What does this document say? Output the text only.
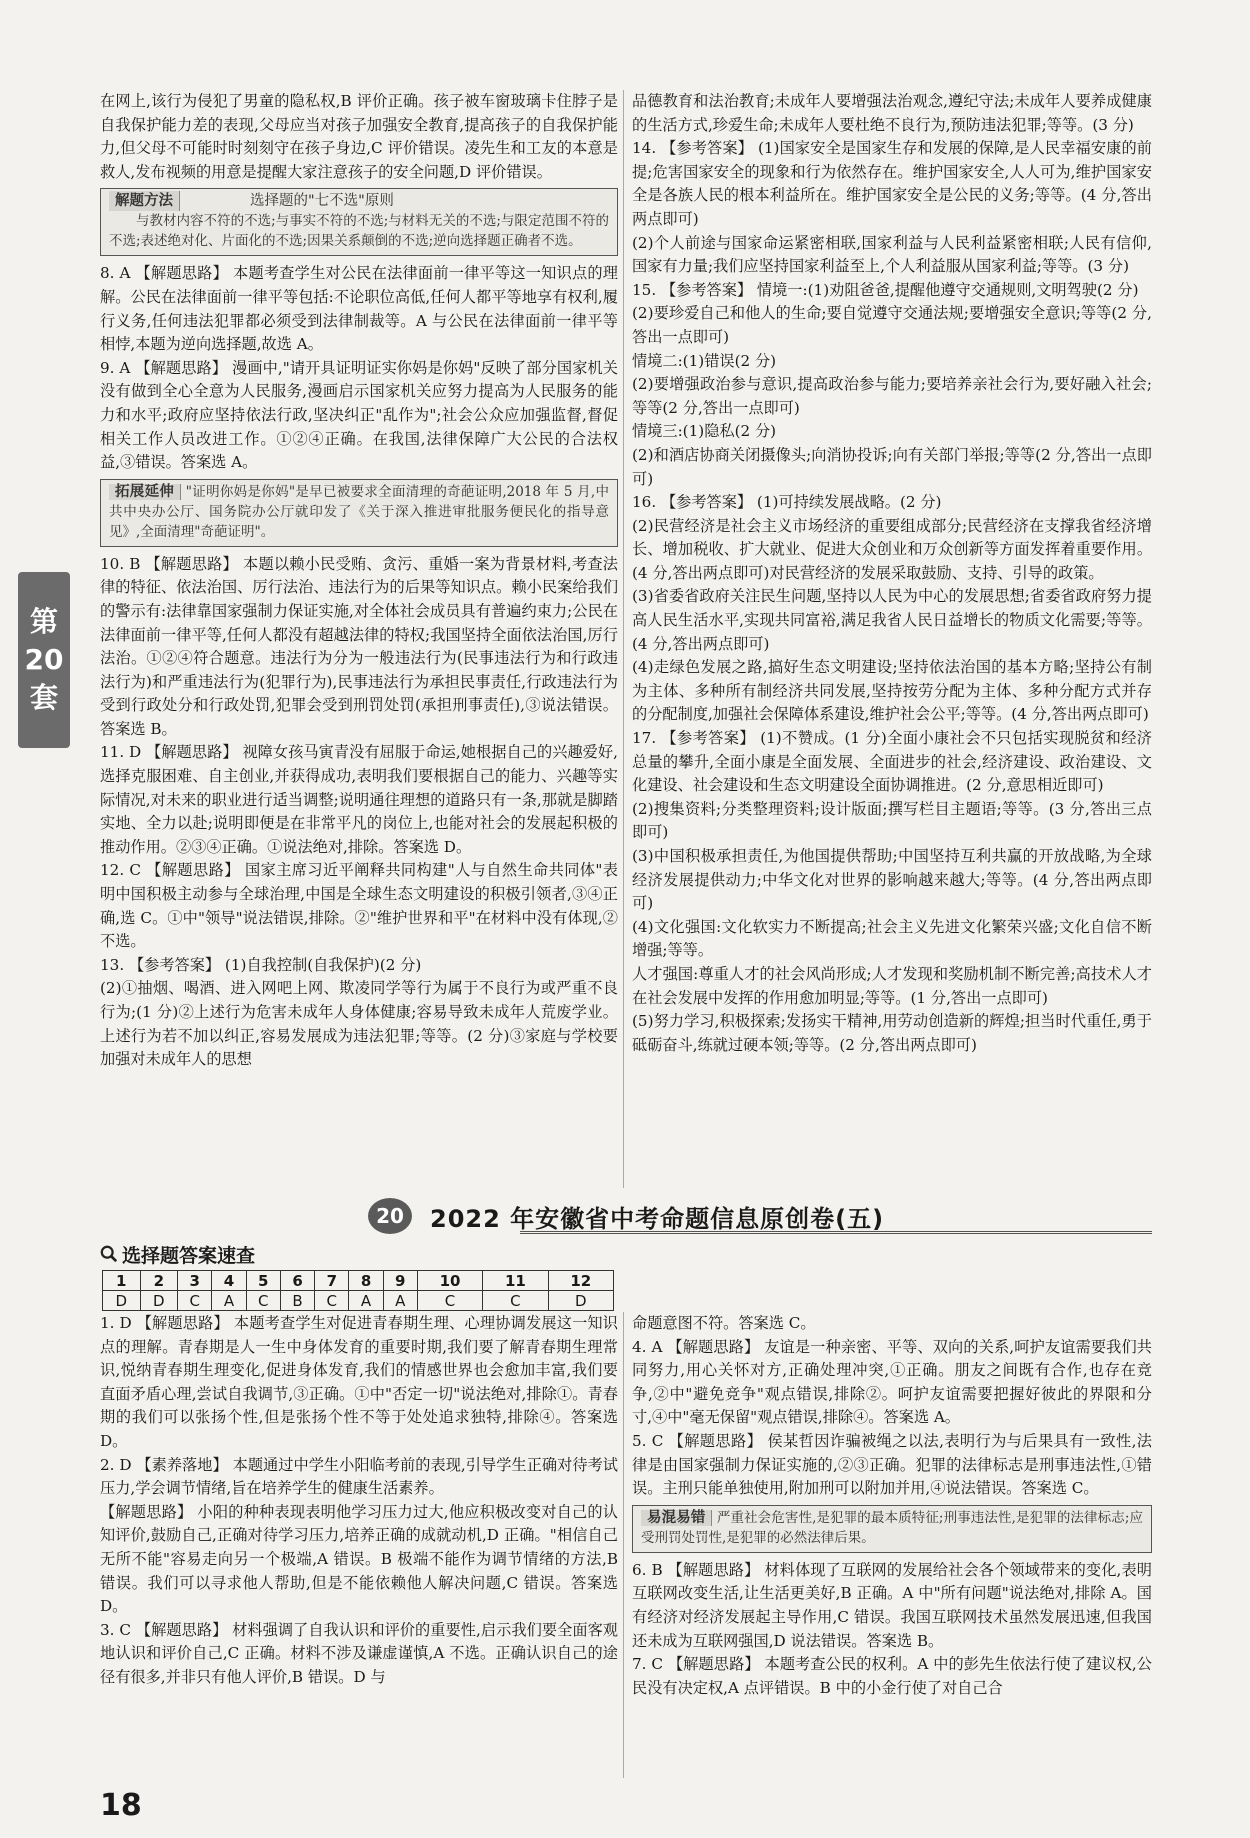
第
20
套

在网上,该行为侵犯了男童的隐私权,B 评价正确。孩子被车窗玻璃卡住脖子是自我保护能力差的表现,父母应当对孩子加强安全教育,提高孩子的自我保护能力,但父母不可能时时刻刻守在孩子身边,C 评价错误。凌先生和工友的本意是救人,发布视频的用意是提醒大家注意孩子的安全问题,D 评价错误。

解题方法	选择题的"七不选"原则
与教材内容不符的不选;与事实不符的不选;与材料无关的不选;与限定范围不符的不选;表述绝对化、片面化的不选;因果关系颠倒的不选;逆向选择题正确者不选。

8. A 【解题思路】 本题考查学生对公民在法律面前一律平等这一知识点的理解。公民在法律面前一律平等包括:不论职位高低,任何人都平等地享有权利,履行义务,任何违法犯罪都必须受到法律制裁等。A 与公民在法律面前一律平等相悖,本题为逆向选择题,故选 A。

9. A 【解题思路】 漫画中,"请开具证明证实你妈是你妈"反映了部分国家机关没有做到全心全意为人民服务,漫画启示国家机关应努力提高为人民服务的能力和水平;政府应坚持依法行政,坚决纠正"乱作为";社会公众应加强监督,督促相关工作人员改进工作。①②④正确。在我国,法律保障广大公民的合法权益,③错误。答案选 A。

拓展延伸 "证明你妈是你妈"是早已被要求全面清理的奇葩证明,2018 年 5 月,中共中央办公厅、国务院办公厅就印发了《关于深入推进审批服务便民化的指导意见》,全面清理"奇葩证明"。

10. B 【解题思路】 本题以赖小民受贿、贪污、重婚一案为背景材料,考查法律的特征、依法治国、厉行法治、违法行为的后果等知识点。赖小民案给我们的警示有:法律靠国家强制力保证实施,对全体社会成员具有普遍约束力;公民在法律面前一律平等,任何人都没有超越法律的特权;我国坚持全面依法治国,厉行法治。①②④符合题意。违法行为分为一般违法行为(民事违法行为和行政违法行为)和严重违法行为(犯罪行为),民事违法行为承担民事责任,行政违法行为受到行政处分和行政处罚,犯罪会受到刑罚处罚(承担刑事责任),③说法错误。答案选 B。

11. D 【解题思路】 视障女孩马寅青没有屈服于命运,她根据自己的兴趣爱好,选择克服困难、自主创业,并获得成功,表明我们要根据自己的能力、兴趣等实际情况,对未来的职业进行适当调整;说明通往理想的道路只有一条,那就是脚踏实地、全力以赴;说明即便是在非常平凡的岗位上,也能对社会的发展起积极的推动作用。②③④正确。①说法绝对,排除。答案选 D。

12. C 【解题思路】 国家主席习近平阐释共同构建"人与自然生命共同体"表明中国积极主动参与全球治理,中国是全球生态文明建设的积极引领者,③④正确,选 C。①中"领导"说法错误,排除。②"维护世界和平"在材料中没有体现,②不选。

13. 【参考答案】 (1)自我控制(自我保护)(2 分)

(2)①抽烟、喝酒、进入网吧上网、欺凌同学等行为属于不良行为或严重不良行为;(1 分)②上述行为危害未成年人身体健康;容易导致未成年人荒废学业。上述行为若不加以纠正,容易发展成为违法犯罪;等等。(2 分)③家庭与学校要加强对未成年人的思想

品德教育和法治教育;未成年人要增强法治观念,遵纪守法;未成年人要养成健康的生活方式,珍爱生命;未成年人要杜绝不良行为,预防违法犯罪;等等。(3 分)

14. 【参考答案】 (1)国家安全是国家生存和发展的保障,是人民幸福安康的前提;危害国家安全的现象和行为依然存在。维护国家安全,人人可为,维护国家安全是各族人民的根本利益所在。维护国家安全是公民的义务;等等。(4 分,答出两点即可)

(2)个人前途与国家命运紧密相联,国家利益与人民利益紧密相联;人民有信仰,国家有力量;我们应坚持国家利益至上,个人利益服从国家利益;等等。(3 分)

15. 【参考答案】 情境一:(1)劝阻爸爸,提醒他遵守交通规则,文明驾驶(2 分)

(2)要珍爱自己和他人的生命;要自觉遵守交通法规;要增强安全意识;等等(2 分,答出一点即可)

情境二:(1)错误(2 分)

(2)要增强政治参与意识,提高政治参与能力;要培养亲社会行为,要好融入社会;等等(2 分,答出一点即可)

情境三:(1)隐私(2 分)

(2)和酒店协商关闭摄像头;向消协投诉;向有关部门举报;等等(2 分,答出一点即可)

16. 【参考答案】 (1)可持续发展战略。(2 分)

(2)民营经济是社会主义市场经济的重要组成部分;民营经济在支撑我省经济增长、增加税收、扩大就业、促进大众创业和万众创新等方面发挥着重要作用。(4 分,答出两点即可)对民营经济的发展采取鼓励、支持、引导的政策。

(3)省委省政府关注民生问题,坚持以人民为中心的发展思想;省委省政府努力提高人民生活水平,实现共同富裕,满足我省人民日益增长的物质文化需要;等等。(4 分,答出两点即可)

(4)走绿色发展之路,搞好生态文明建设;坚持依法治国的基本方略;坚持公有制为主体、多种所有制经济共同发展,坚持按劳分配为主体、多种分配方式并存的分配制度,加强社会保障体系建设,维护社会公平;等等。(4 分,答出两点即可)

17. 【参考答案】 (1)不赞成。(1 分)全面小康社会不只包括实现脱贫和经济总量的攀升,全面小康是全面发展、全面进步的社会,经济建设、政治建设、文化建设、社会建设和生态文明建设全面协调推进。(2 分,意思相近即可)

(2)搜集资料;分类整理资料;设计版面;撰写栏目主题语;等等。(3 分,答出三点即可)

(3)中国积极承担责任,为他国提供帮助;中国坚持互利共赢的开放战略,为全球经济发展提供动力;中华文化对世界的影响越来越大;等等。(4 分,答出两点即可)

(4)文化强国:文化软实力不断提高;社会主义先进文化繁荣兴盛;文化自信不断增强;等等。

人才强国:尊重人才的社会风尚形成;人才发现和奖励机制不断完善;高技术人才在社会发展中发挥的作用愈加明显;等等。(1 分,答出一点即可)

(5)努力学习,积极探索;发扬实干精神,用劳动创造新的辉煌;担当时代重任,勇于砥砺奋斗,练就过硬本领;等等。(2 分,答出两点即可)

20	2022 年安徽省中考命题信息原创卷(五)
选择题答案速查
1	2	3	4	5	6	7	8	9	10	11	12
D	D	C	A	C	B	C	A	A	C	C	D

1. D 【解题思路】 本题考查学生对促进青春期生理、心理协调发展这一知识点的理解。青春期是人一生中身体发育的重要时期,我们要了解青春期生理常识,悦纳青春期生理变化,促进身体发育,我们的情感世界也会愈加丰富,我们要直面矛盾心理,尝试自我调节,③正确。①中"否定一切"说法绝对,排除①。青春期的我们可以张扬个性,但是张扬个性不等于处处追求独特,排除④。答案选 D。

2. D 【素养落地】 本题通过中学生小阳临考前的表现,引导学生正确对待考试压力,学会调节情绪,旨在培养学生的健康生活素养。

【解题思路】 小阳的种种表现表明他学习压力过大,他应积极改变对自己的认知评价,鼓励自己,正确对待学习压力,培养正确的成就动机,D 正确。"相信自己无所不能"容易走向另一个极端,A 错误。B 极端不能作为调节情绪的方法,B 错误。我们可以寻求他人帮助,但是不能依赖他人解决问题,C 错误。答案选 D。

3. C 【解题思路】 材料强调了自我认识和评价的重要性,启示我们要全面客观地认识和评价自己,C 正确。材料不涉及谦虚谨慎,A 不选。正确认识自己的途径有很多,并非只有他人评价,B 错误。D 与

命题意图不符。答案选 C。

4. A 【解题思路】 友谊是一种亲密、平等、双向的关系,呵护友谊需要我们共同努力,用心关怀对方,正确处理冲突,①正确。朋友之间既有合作,也存在竞争,②中"避免竞争"观点错误,排除②。呵护友谊需要把握好彼此的界限和分寸,④中"毫无保留"观点错误,排除④。答案选 A。

5. C 【解题思路】 侯某哲因诈骗被绳之以法,表明行为与后果具有一致性,法律是由国家强制力保证实施的,②③正确。犯罪的法律标志是刑事违法性,①错误。主刑只能单独使用,附加刑可以附加并用,④说法错误。答案选 C。

易混易错 严重社会危害性,是犯罪的最本质特征;刑事违法性,是犯罪的法律标志;应受刑罚处罚性,是犯罪的必然法律后果。

6. B 【解题思路】 材料体现了互联网的发展给社会各个领域带来的变化,表明互联网改变生活,让生活更美好,B 正确。A 中"所有问题"说法绝对,排除 A。国有经济对经济发展起主导作用,C 错误。我国互联网技术虽然发展迅速,但我国还未成为互联网强国,D 说法错误。答案选 B。

7. C 【解题思路】 本题考查公民的权利。A 中的彭先生依法行使了建议权,公民没有决定权,A 点评错误。B 中的小金行使了对自己合

18
